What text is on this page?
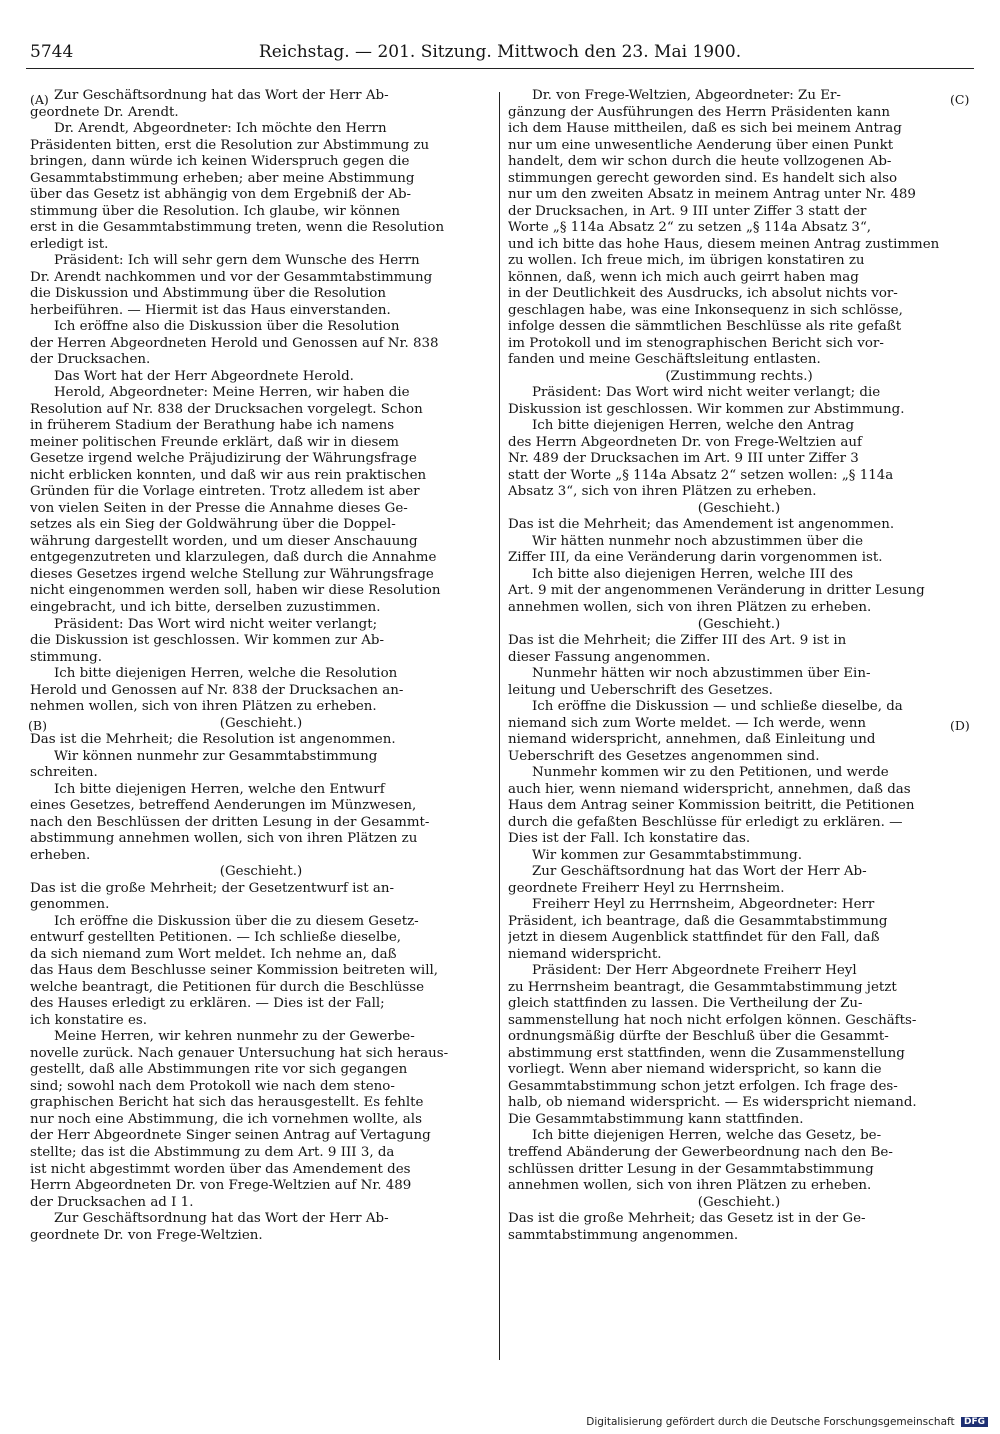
5744	Reichstag. — 201. Sitzung. Mittwoch den 23. Mai 1900.
(A)
(B)
(C)
(D)

Zur Geschäftsordnung hat das Wort der Herr Ab-
geordnete Dr. Arendt.

Dr. Arendt, Abgeordneter: Ich möchte den Herrn
Präsidenten bitten, erst die Resolution zur Abstimmung zu
bringen, dann würde ich keinen Widerspruch gegen die
Gesammtabstimmung erheben; aber meine Abstimmung
über das Gesetz ist abhängig von dem Ergebniß der Ab-
stimmung über die Resolution. Ich glaube, wir können
erst in die Gesammtabstimmung treten, wenn die Resolution
erledigt ist.

Präsident: Ich will sehr gern dem Wunsche des Herrn
Dr. Arendt nachkommen und vor der Gesammtabstimmung
die Diskussion und Abstimmung über die Resolution
herbeiführen. — Hiermit ist das Haus einverstanden.

Ich eröffne also die Diskussion über die Resolution
der Herren Abgeordneten Herold und Genossen auf Nr. 838
der Drucksachen.

Das Wort hat der Herr Abgeordnete Herold.

Herold, Abgeordneter: Meine Herren, wir haben die
Resolution auf Nr. 838 der Drucksachen vorgelegt. Schon
in früherem Stadium der Berathung habe ich namens
meiner politischen Freunde erklärt, daß wir in diesem
Gesetze irgend welche Präjudizirung der Währungsfrage
nicht erblicken konnten, und daß wir aus rein praktischen
Gründen für die Vorlage eintreten. Trotz alledem ist aber
von vielen Seiten in der Presse die Annahme dieses Ge-
setzes als ein Sieg der Goldwährung über die Doppel-
währung dargestellt worden, und um dieser Anschauung
entgegenzutreten und klarzulegen, daß durch die Annahme
dieses Gesetzes irgend welche Stellung zur Währungsfrage
nicht eingenommen werden soll, haben wir diese Resolution
eingebracht, und ich bitte, derselben zuzustimmen.

Präsident: Das Wort wird nicht weiter verlangt;
die Diskussion ist geschlossen. Wir kommen zur Ab-
stimmung.

Ich bitte diejenigen Herren, welche die Resolution
Herold und Genossen auf Nr. 838 der Drucksachen an-
nehmen wollen, sich von ihren Plätzen zu erheben.

(Geschieht.)

Das ist die Mehrheit; die Resolution ist angenommen.

Wir können nunmehr zur Gesammtabstimmung
schreiten.

Ich bitte diejenigen Herren, welche den Entwurf
eines Gesetzes, betreffend Aenderungen im Münzwesen,
nach den Beschlüssen der dritten Lesung in der Gesammt-
abstimmung annehmen wollen, sich von ihren Plätzen zu
erheben.

(Geschieht.)

Das ist die große Mehrheit; der Gesetzentwurf ist an-
genommen.

Ich eröffne die Diskussion über die zu diesem Gesetz-
entwurf gestellten Petitionen. — Ich schließe dieselbe,
da sich niemand zum Wort meldet. Ich nehme an, daß
das Haus dem Beschlusse seiner Kommission beitreten will,
welche beantragt, die Petitionen für durch die Beschlüsse
des Hauses erledigt zu erklären. — Dies ist der Fall;
ich konstatire es.

Meine Herren, wir kehren nunmehr zu der Gewerbe-
novelle zurück. Nach genauer Untersuchung hat sich heraus-
gestellt, daß alle Abstimmungen rite vor sich gegangen
sind; sowohl nach dem Protokoll wie nach dem steno-
graphischen Bericht hat sich das herausgestellt. Es fehlte
nur noch eine Abstimmung, die ich vornehmen wollte, als
der Herr Abgeordnete Singer seinen Antrag auf Vertagung
stellte; das ist die Abstimmung zu dem Art. 9 III 3, da
ist nicht abgestimmt worden über das Amendement des
Herrn Abgeordneten Dr. von Frege-Weltzien auf Nr. 489
der Drucksachen ad I 1.

Zur Geschäftsordnung hat das Wort der Herr Ab-
geordnete Dr. von Frege-Weltzien.

Dr. von Frege-Weltzien, Abgeordneter: Zu Er-
gänzung der Ausführungen des Herrn Präsidenten kann
ich dem Hause mittheilen, daß es sich bei meinem Antrag
nur um eine unwesentliche Aenderung über einen Punkt
handelt, dem wir schon durch die heute vollzogenen Ab-
stimmungen gerecht geworden sind. Es handelt sich also
nur um den zweiten Absatz in meinem Antrag unter Nr. 489
der Drucksachen, in Art. 9 III unter Ziffer 3 statt der
Worte „§ 114a Absatz 2“ zu setzen „§ 114a Absatz 3“,
und ich bitte das hohe Haus, diesem meinen Antrag zustimmen
zu wollen. Ich freue mich, im übrigen konstatiren zu
können, daß, wenn ich mich auch geirrt haben mag
in der Deutlichkeit des Ausdrucks, ich absolut nichts vor-
geschlagen habe, was eine Inkonsequenz in sich schlösse,
infolge dessen die sämmtlichen Beschlüsse als rite gefaßt
im Protokoll und im stenographischen Bericht sich vor-
fanden und meine Geschäftsleitung entlasten.

(Zustimmung rechts.)

Präsident: Das Wort wird nicht weiter verlangt; die
Diskussion ist geschlossen. Wir kommen zur Abstimmung.

Ich bitte diejenigen Herren, welche den Antrag
des Herrn Abgeordneten Dr. von Frege-Weltzien auf
Nr. 489 der Drucksachen im Art. 9 III unter Ziffer 3
statt der Worte „§ 114a Absatz 2“ setzen wollen: „§ 114a
Absatz 3“, sich von ihren Plätzen zu erheben.

(Geschieht.)

Das ist die Mehrheit; das Amendement ist angenommen.

Wir hätten nunmehr noch abzustimmen über die
Ziffer III, da eine Veränderung darin vorgenommen ist.

Ich bitte also diejenigen Herren, welche III des
Art. 9 mit der angenommenen Veränderung in dritter Lesung
annehmen wollen, sich von ihren Plätzen zu erheben.

(Geschieht.)

Das ist die Mehrheit; die Ziffer III des Art. 9 ist in
dieser Fassung angenommen.

Nunmehr hätten wir noch abzustimmen über Ein-
leitung und Ueberschrift des Gesetzes.

Ich eröffne die Diskussion — und schließe dieselbe, da
niemand sich zum Worte meldet. — Ich werde, wenn
niemand widerspricht, annehmen, daß Einleitung und
Ueberschrift des Gesetzes angenommen sind.

Nunmehr kommen wir zu den Petitionen, und werde
auch hier, wenn niemand widerspricht, annehmen, daß das
Haus dem Antrag seiner Kommission beitritt, die Petitionen
durch die gefaßten Beschlüsse für erledigt zu erklären. —
Dies ist der Fall. Ich konstatire das.

Wir kommen zur Gesammtabstimmung.

Zur Geschäftsordnung hat das Wort der Herr Ab-
geordnete Freiherr Heyl zu Herrnsheim.

Freiherr Heyl zu Herrnsheim, Abgeordneter: Herr
Präsident, ich beantrage, daß die Gesammtabstimmung
jetzt in diesem Augenblick stattfindet für den Fall, daß
niemand widerspricht.

Präsident: Der Herr Abgeordnete Freiherr Heyl
zu Herrnsheim beantragt, die Gesammtabstimmung jetzt
gleich stattfinden zu lassen. Die Vertheilung der Zu-
sammenstellung hat noch nicht erfolgen können. Geschäfts-
ordnungsmäßig dürfte der Beschluß über die Gesammt-
abstimmung erst stattfinden, wenn die Zusammenstellung
vorliegt. Wenn aber niemand widerspricht, so kann die
Gesammtabstimmung schon jetzt erfolgen. Ich frage des-
halb, ob niemand widerspricht. — Es widerspricht niemand.
Die Gesammtabstimmung kann stattfinden.

Ich bitte diejenigen Herren, welche das Gesetz, be-
treffend Abänderung der Gewerbeordnung nach den Be-
schlüssen dritter Lesung in der Gesammtabstimmung
annehmen wollen, sich von ihren Plätzen zu erheben.

(Geschieht.)

Das ist die große Mehrheit; das Gesetz ist in der Ge-
sammtabstimmung angenommen.

Digitalisierung gefördert durch die Deutsche Forschungsgemeinschaft DFG
